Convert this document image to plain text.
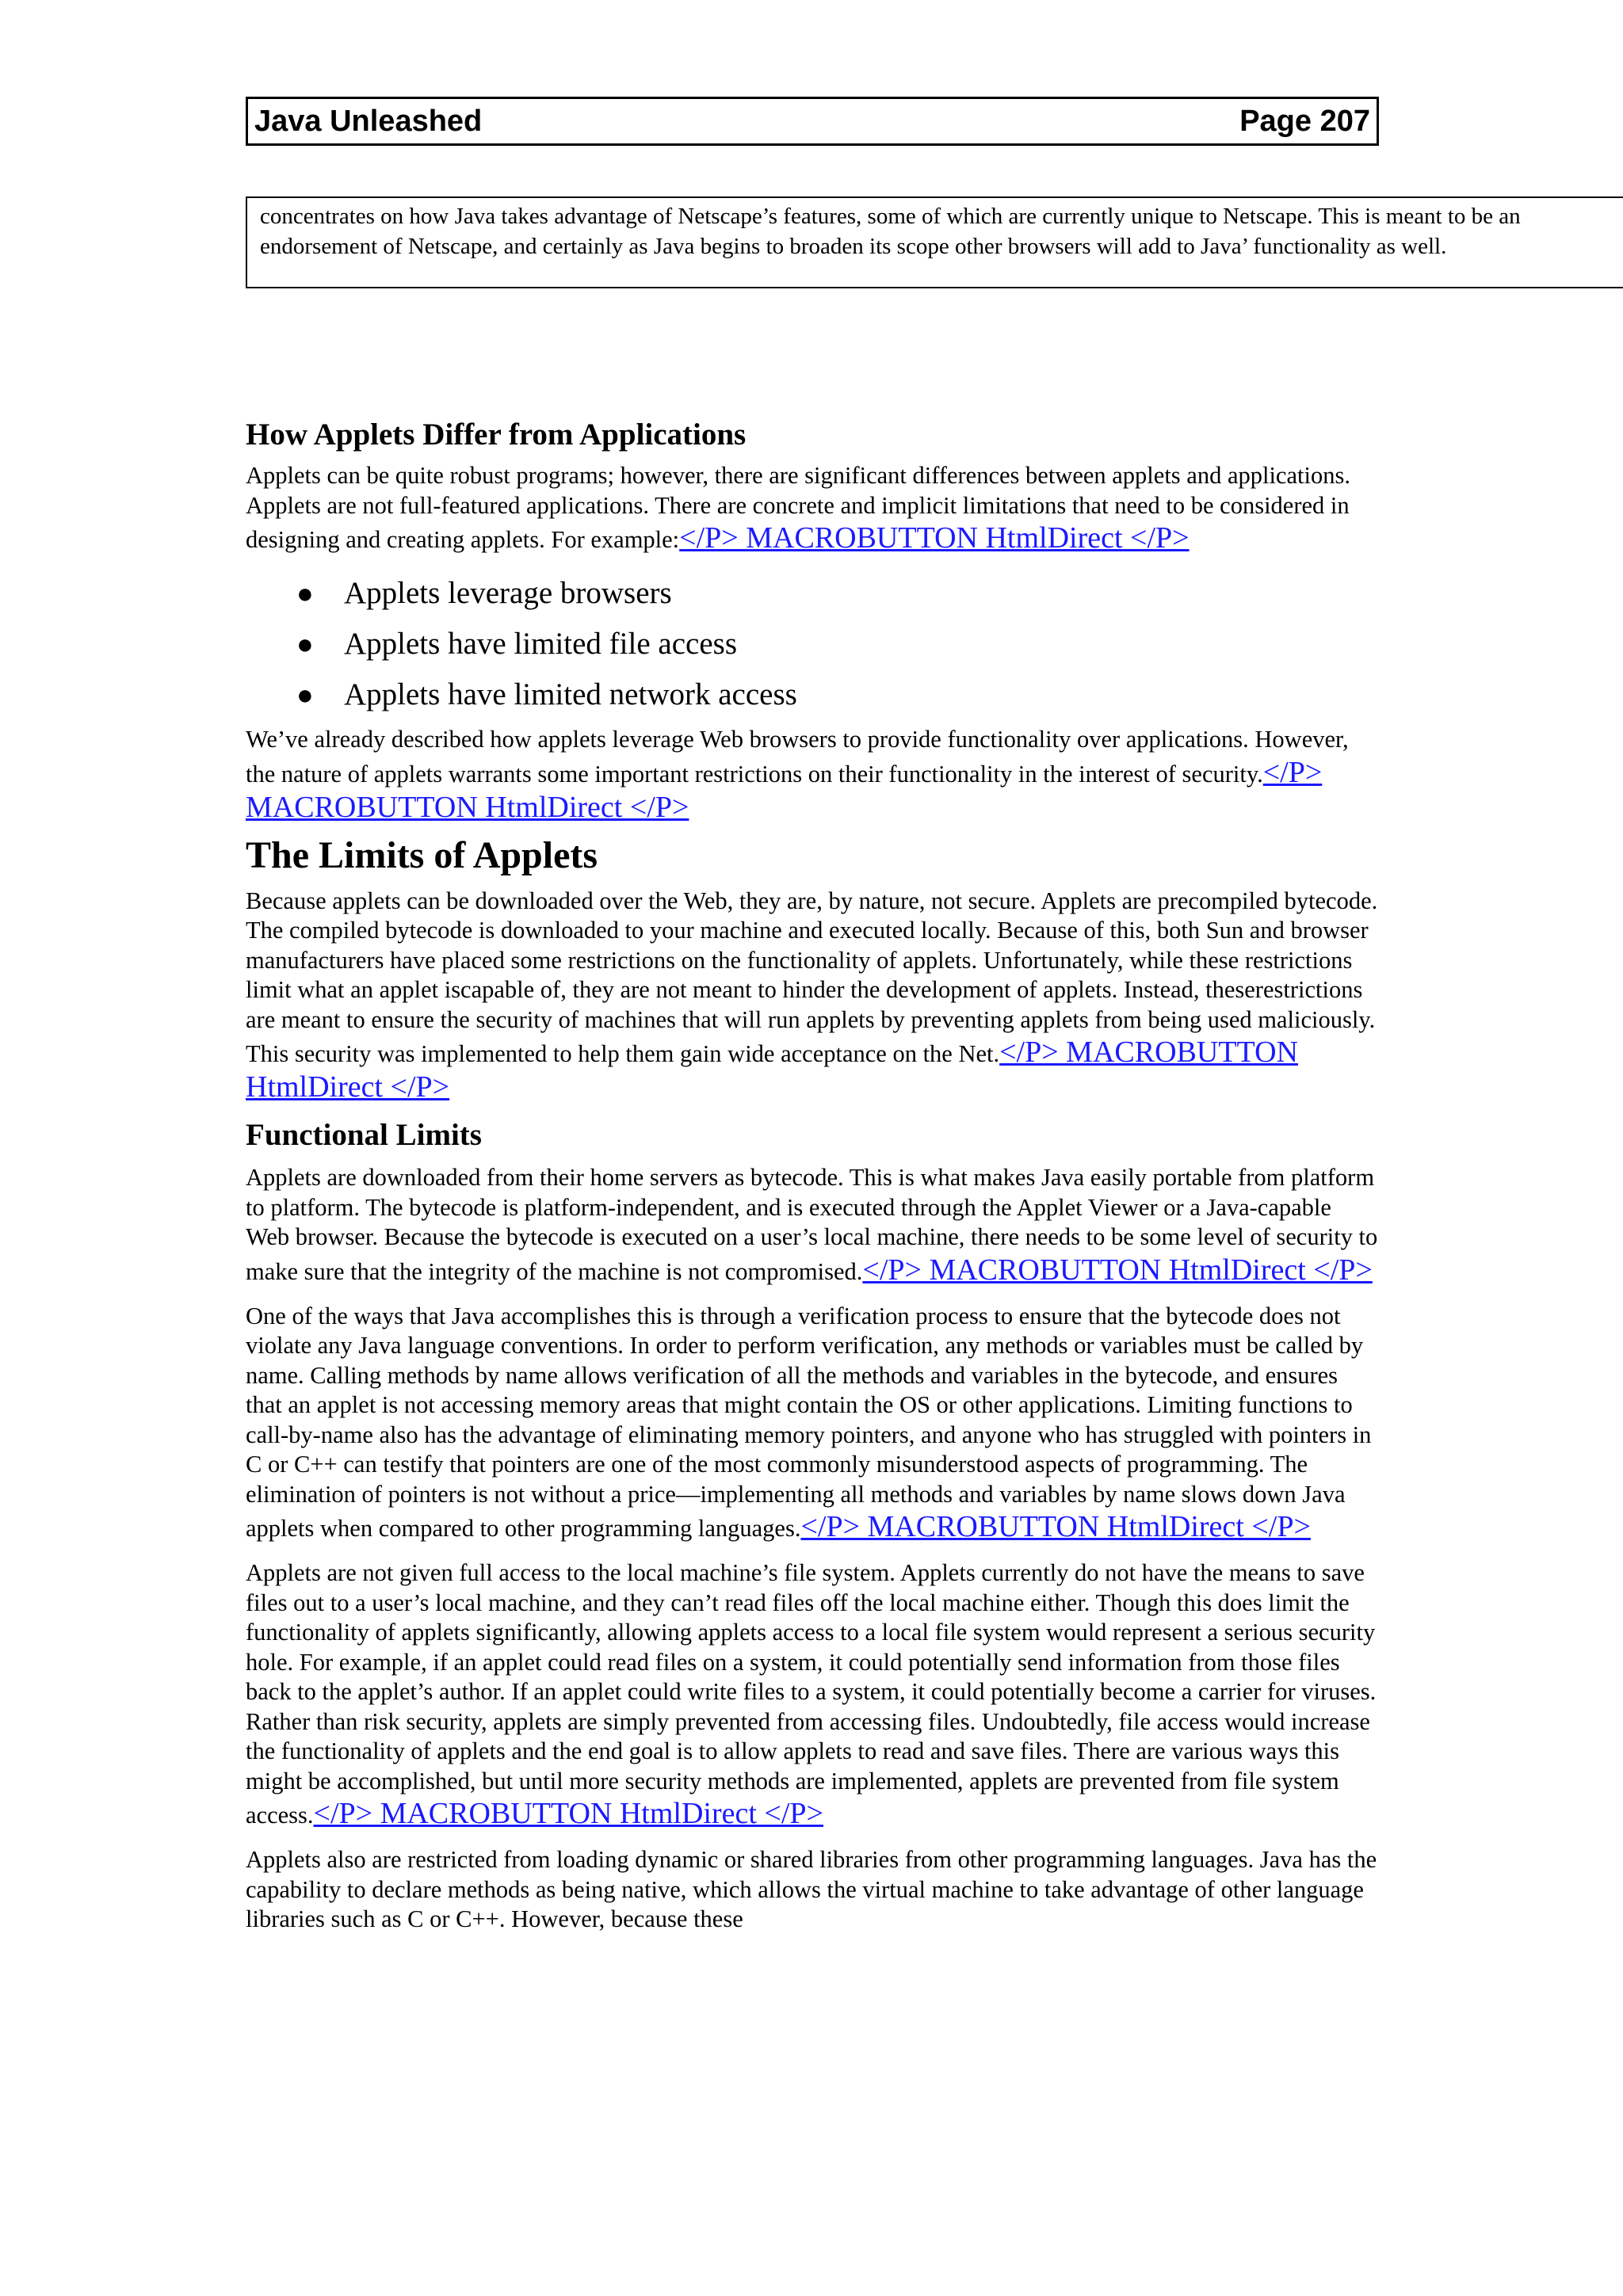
Java Unleashed	Page 207
concentrates on how Java takes advantage of Netscape’s features, some of which are currently unique to Netscape. This is meant to be an endorsement of Netscape, and certainly as Java begins to broaden its scope other browsers will add to Java’ functionality as well.
How Applets Differ from Applications

Applets can be quite robust programs; however, there are significant differences between applets and applications. Applets are not full-featured applications. There are concrete and implicit limitations that need to be considered in designing and creating applets. For example:</P> MACROBUTTON HtmlDirect </P>

● Applets leverage browsers
● Applets have limited file access
● Applets have limited network access

We’ve already described how applets leverage Web browsers to provide functionality over applications. However, the nature of applets warrants some important restrictions on their functionality in the interest of security.</P> MACROBUTTON HtmlDirect </P>

The Limits of Applets

Because applets can be downloaded over the Web, they are, by nature, not secure. Applets are precompiled bytecode. The compiled bytecode is downloaded to your machine and executed locally. Because of this, both Sun and browser manufacturers have placed some restrictions on the functionality of applets. Unfortunately, while these restrictions limit what an applet iscapable of, they are not meant to hinder the development of applets. Instead, theserestrictions are meant to ensure the security of machines that will run applets by preventing applets from being used maliciously. This security was implemented to help them gain wide acceptance on the Net.</P> MACROBUTTON HtmlDirect </P>

Functional Limits

Applets are downloaded from their home servers as bytecode. This is what makes Java easily portable from platform to platform. The bytecode is platform-independent, and is executed through the Applet Viewer or a Java-capable Web browser. Because the bytecode is executed on a user’s local machine, there needs to be some level of security to make sure that the integrity of the machine is not compromised.</P> MACROBUTTON HtmlDirect </P>

One of the ways that Java accomplishes this is through a verification process to ensure that the bytecode does not violate any Java language conventions. In order to perform verification, any methods or variables must be called by name. Calling methods by name allows verification of all the methods and variables in the bytecode, and ensures that an applet is not accessing memory areas that might contain the OS or other applications. Limiting functions to call-by-name also has the advantage of eliminating memory pointers, and anyone who has struggled with pointers in C or C++ can testify that pointers are one of the most commonly misunderstood aspects of programming. The elimination of pointers is not without a price—implementing all methods and variables by name slows down Java applets when compared to other programming languages.</P> MACROBUTTON HtmlDirect </P>

Applets are not given full access to the local machine’s file system. Applets currently do not have the means to save files out to a user’s local machine, and they can’t read files off the local machine either. Though this does limit the functionality of applets significantly, allowing applets access to a local file system would represent a serious security hole. For example, if an applet could read files on a system, it could potentially send information from those files back to the applet’s author. If an applet could write files to a system, it could potentially become a carrier for viruses. Rather than risk security, applets are simply prevented from accessing files. Undoubtedly, file access would increase the functionality of applets and the end goal is to allow applets to read and save files. There are various ways this might be accomplished, but until more security methods are implemented, applets are prevented from file system access.</P> MACROBUTTON HtmlDirect </P>

Applets also are restricted from loading dynamic or shared libraries from other programming languages. Java has the capability to declare methods as being native, which allows the virtual machine to take advantage of other language libraries such as C or C++. However, because these
